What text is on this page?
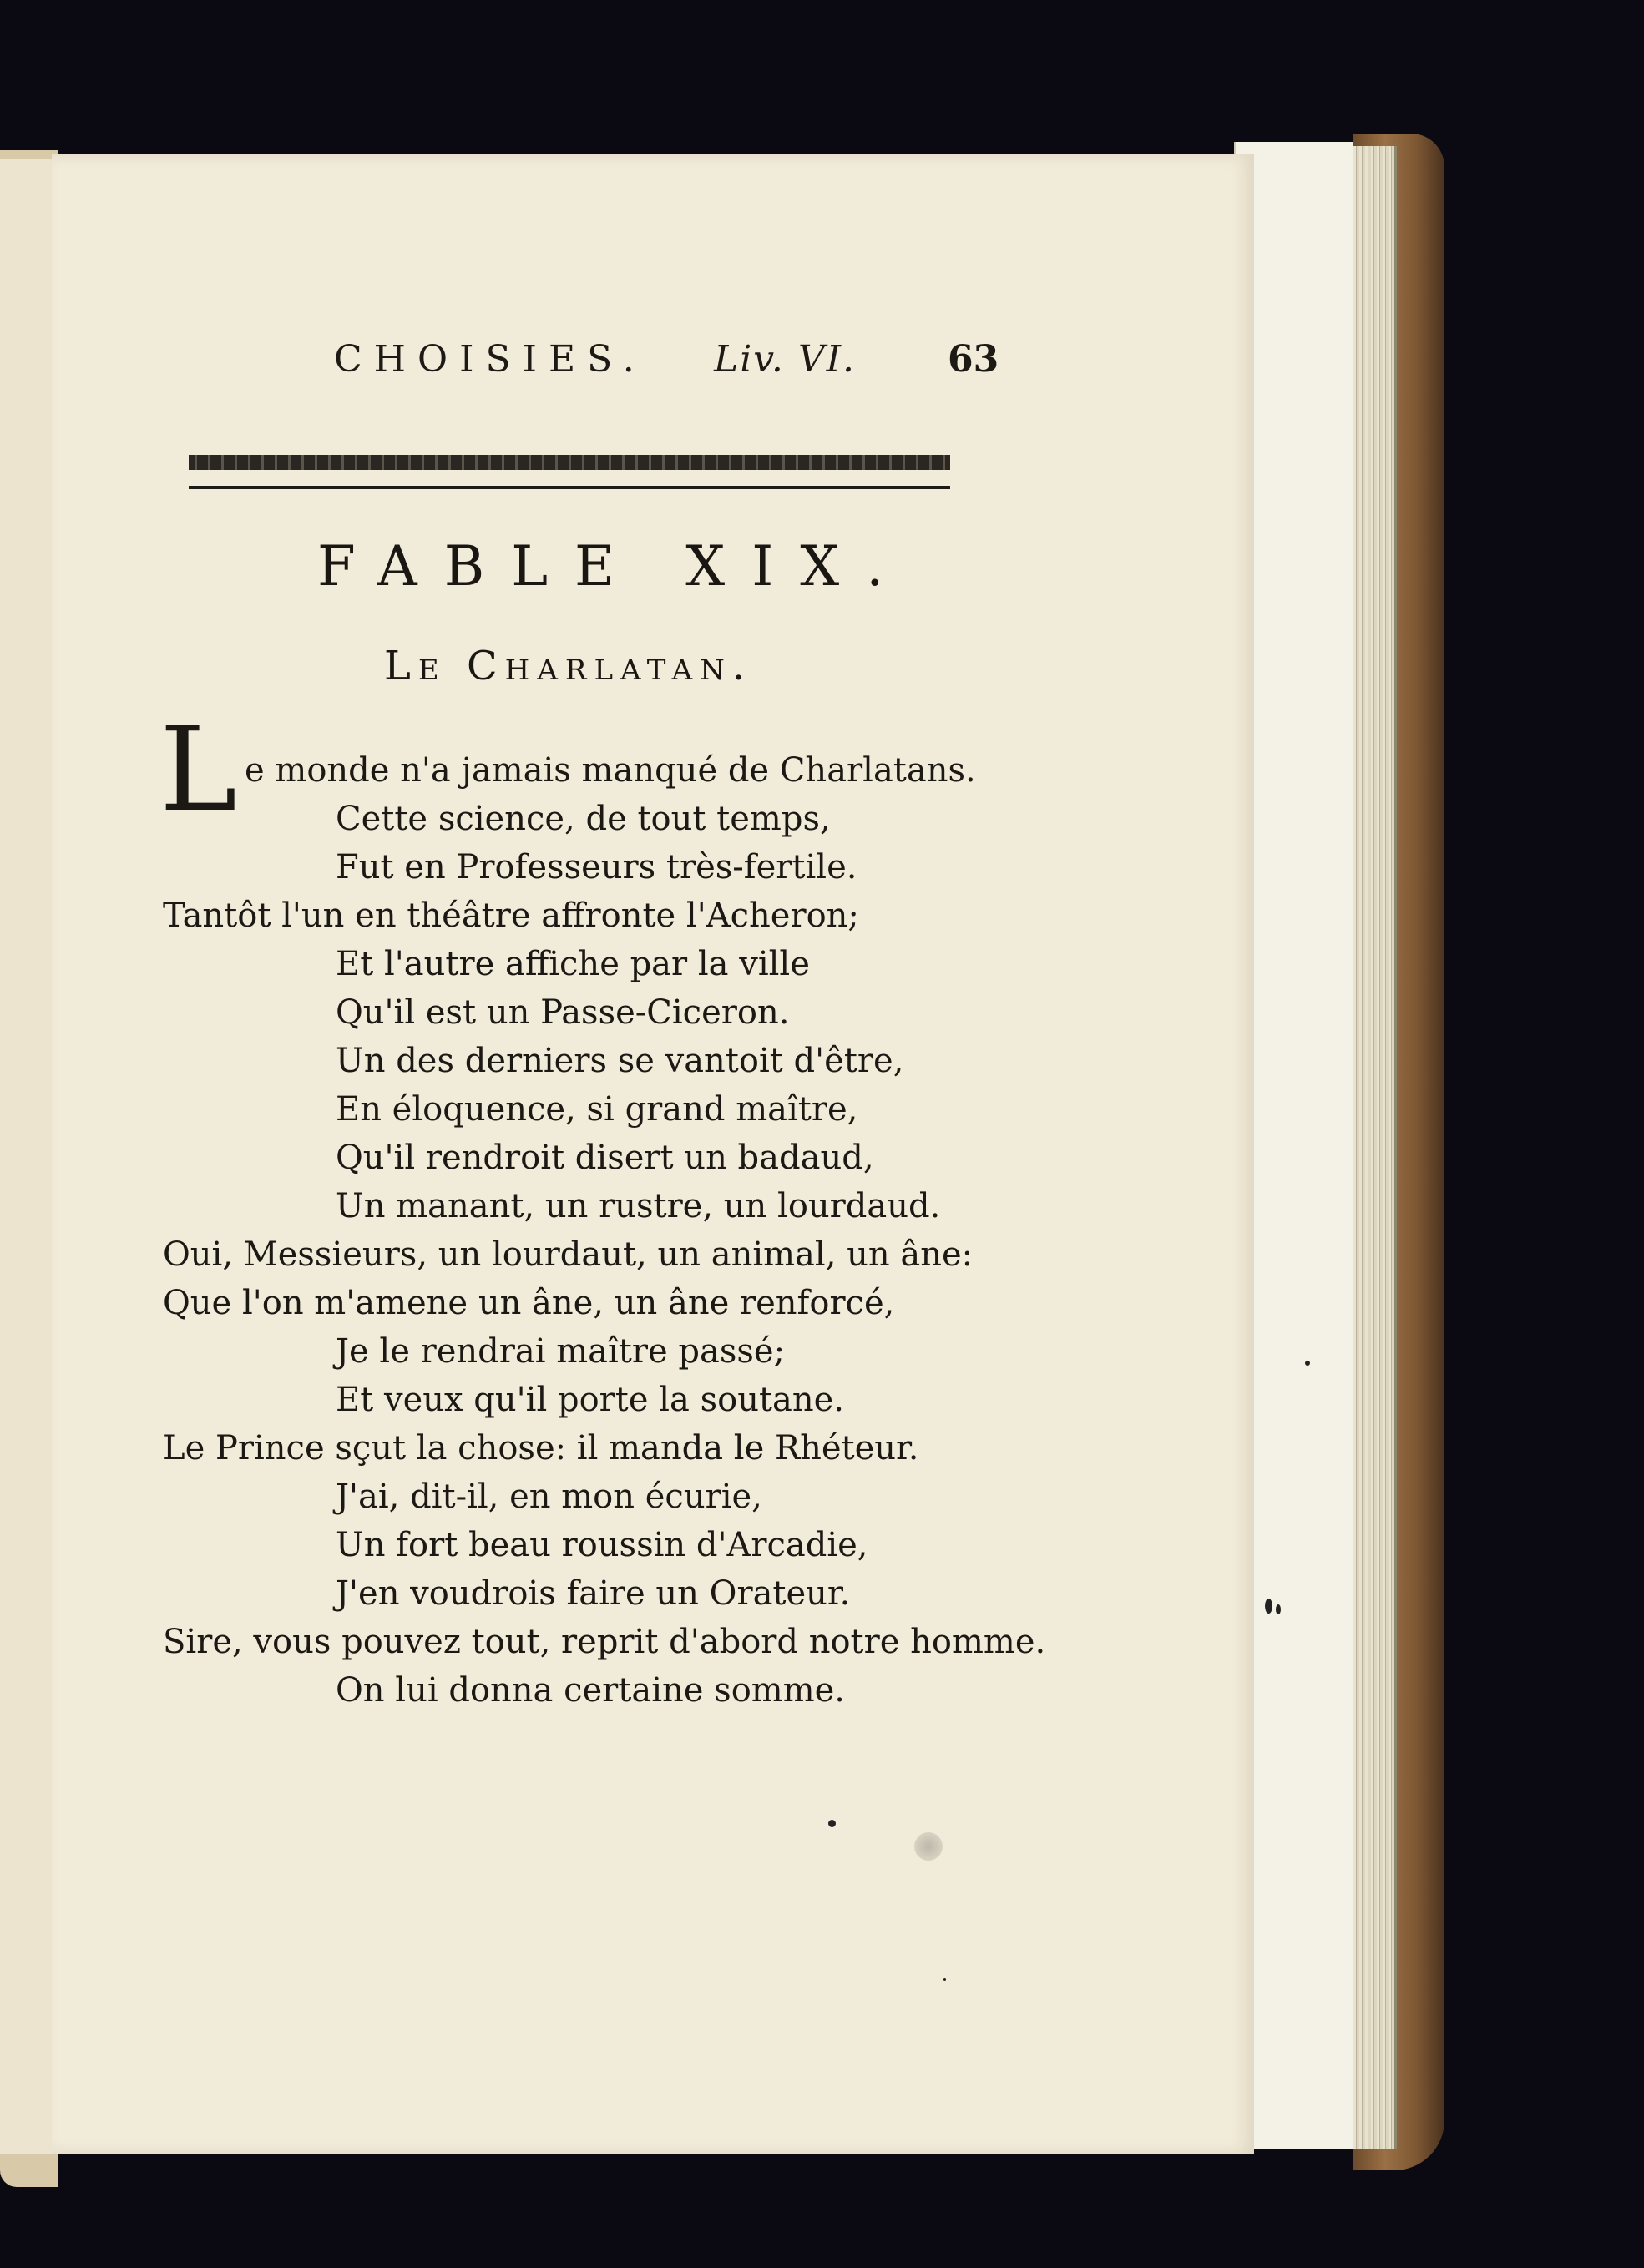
CHOISIES. Liv. VI. 63
FABLE XIX.
Le Charlatan.
L e monde n'a jamais manqué de Charlatans.
Cette science, de tout temps,
Fut en Professeurs très-fertile.
Tantôt l'un en théâtre affronte l'Acheron;
Et l'autre affiche par la ville
Qu'il est un Passe-Ciceron.
Un des derniers se vantoit d'être,
En éloquence, si grand maître,
Qu'il rendroit disert un badaud,
Un manant, un rustre, un lourdaud.
Oui, Messieurs, un lourdaut, un animal, un âne:
Que l'on m'amene un âne, un âne renforcé,
Je le rendrai maître passé;
Et veux qu'il porte la soutane.
Le Prince sçut la chose: il manda le Rhéteur.
J'ai, dit-il, en mon écurie,
Un fort beau roussin d'Arcadie,
J'en voudrois faire un Orateur.
Sire, vous pouvez tout, reprit d'abord notre homme.
On lui donna certaine somme.
